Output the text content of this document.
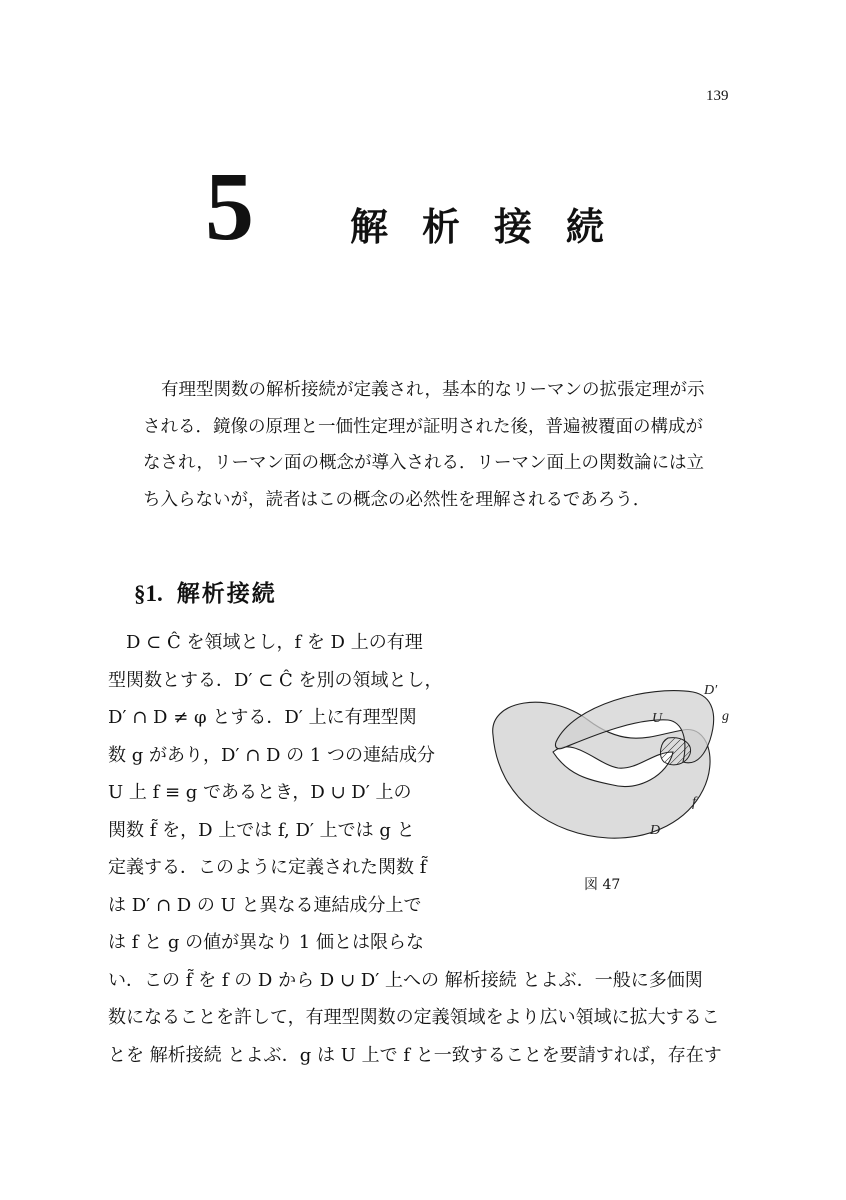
139
5	解析接続
有理型関数の解析接続が定義され，基本的なリーマンの拡張定理が示
される．鏡像の原理と一価性定理が証明された後，普遍被覆面の構成が
なされ，リーマン面の概念が導入される．リーマン面上の関数論には立
ち入らないが，読者はこの概念の必然性を理解されるであろう．
§1. 解析接続
D ⊂ Ĉ を領域とし，f を D 上の有理
型関数とする．D′ ⊂ Ĉ を別の領域とし，
D′ ∩ D ≠ φ とする．D′ 上に有理型関
数 g があり，D′ ∩ D の 1 つの連結成分
U 上 f ≡ g であるとき，D ∪ D′ 上の
関数 f̃ を，D 上では f, D′ 上では g と
定義する．このように定義された関数 f̃
は D′ ∩ D の U と異なる連結成分上で
は f と g の値が異なり 1 価とは限らな
い．この f̃ を f の D から D ∪ D′ 上への 解析接続 とよぶ．一般に多価関
数になることを許して，有理型関数の定義領域をより広い領域に拡大するこ
とを 解析接続 とよぶ．g は U 上で f と一致することを要請すれば，存在す
D′
g
U
f
D
図 47
